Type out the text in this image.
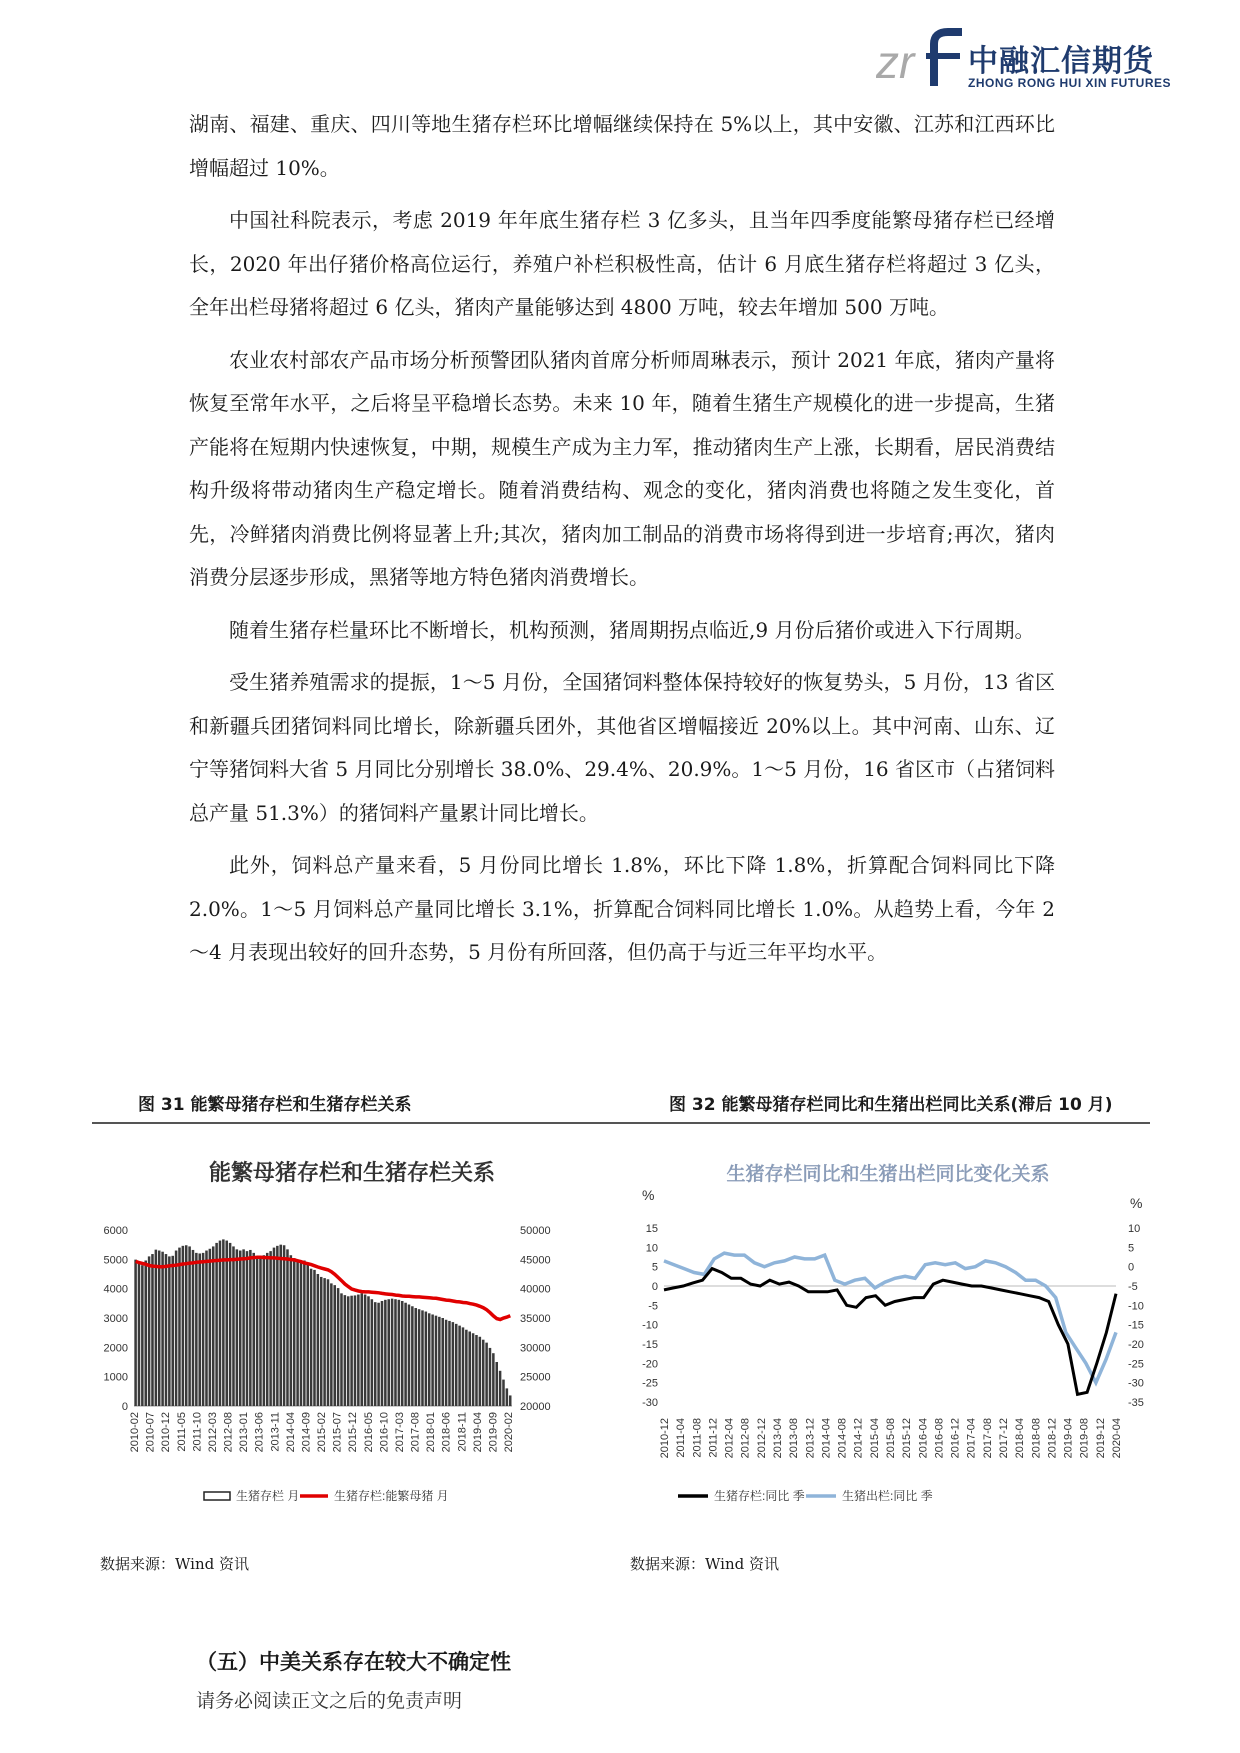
zr 中融汇信期货
ZHONG RONG HUI XIN FUTURES

湖南、福建、重庆、四川等地生猪存栏环比增幅继续保持在 5%以上，其中安徽、江苏和江西环比增幅超过 10%。

中国社科院表示，考虑 2019 年年底生猪存栏 3 亿多头，且当年四季度能繁母猪存栏已经增长，2020 年出仔猪价格高位运行，养殖户补栏积极性高，估计 6 月底生猪存栏将超过 3 亿头，全年出栏母猪将超过 6 亿头，猪肉产量能够达到 4800 万吨，较去年增加 500 万吨。

农业农村部农产品市场分析预警团队猪肉首席分析师周琳表示，预计 2021 年底，猪肉产量将恢复至常年水平，之后将呈平稳增长态势。未来 10 年，随着生猪生产规模化的进一步提高，生猪产能将在短期内快速恢复，中期，规模生产成为主力军，推动猪肉生产上涨，长期看，居民消费结构升级将带动猪肉生产稳定增长。随着消费结构、观念的变化，猪肉消费也将随之发生变化，首先，冷鲜猪肉消费比例将显著上升;其次，猪肉加工制品的消费市场将得到进一步培育;再次，猪肉消费分层逐步形成，黑猪等地方特色猪肉消费增长。

随着生猪存栏量环比不断增长，机构预测，猪周期拐点临近,9 月份后猪价或进入下行周期。

受生猪养殖需求的提振，1～5 月份，全国猪饲料整体保持较好的恢复势头，5 月份，13 省区和新疆兵团猪饲料同比增长，除新疆兵团外，其他省区增幅接近 20%以上。其中河南、山东、辽宁等猪饲料大省 5 月同比分别增长 38.0%、29.4%、20.9%。1～5 月份，16 省区市（占猪饲料总产量 51.3%）的猪饲料产量累计同比增长。

此外，饲料总产量来看，5 月份同比增长 1.8%，环比下降 1.8%，折算配合饲料同比下降 2.0%。1～5 月饲料总产量同比增长 3.1%，折算配合饲料同比增长 1.0%。从趋势上看，今年 2～4 月表现出较好的回升态势，5 月份有所回落，但仍高于与近三年平均水平。

图 31 能繁母猪存栏和生猪存栏关系	图 32 能繁母猪存栏同比和生猪出栏同比关系(滞后 10 月)
能繁母猪存栏和生猪存栏关系
0
1000
2000
3000
4000
5000
6000
20000
25000
30000
35000
40000
45000
50000
2010-02 2010-07 2010-12 2011-05 2011-10 2012-03 2012-08 2013-01 2013-06 2013-11 2014-04 2014-09 2015-02 2015-07 2015-12 2016-05 2016-10 2017-03 2017-08 2018-01 2018-06 2018-11 2019-04 2019-09 2020-02
生猪存栏 月	生猪存栏:能繁母猪 月
生猪存栏同比和生猪出栏同比变化关系
%	%
-30
-25
-20
-15
-10
-5
0
5
10
15
-35
-30
-25
-20
-15
-10
-5
0
5
10
2010-12 2011-04 2011-08 2011-12 2012-04 2012-08 2012-12 2013-04 2013-08 2013-12 2014-04 2014-08 2014-12 2015-04 2015-08 2015-12 2016-04 2016-08 2016-12 2017-04 2017-08 2017-12 2018-04 2018-08 2018-12 2019-04 2019-08 2019-12 2020-04
生猪存栏:同比 季	生猪出栏:同比 季
数据来源：Wind 资讯	数据来源：Wind 资讯
（五）中美关系存在较大不确定性
请务必阅读正文之后的免责声明
